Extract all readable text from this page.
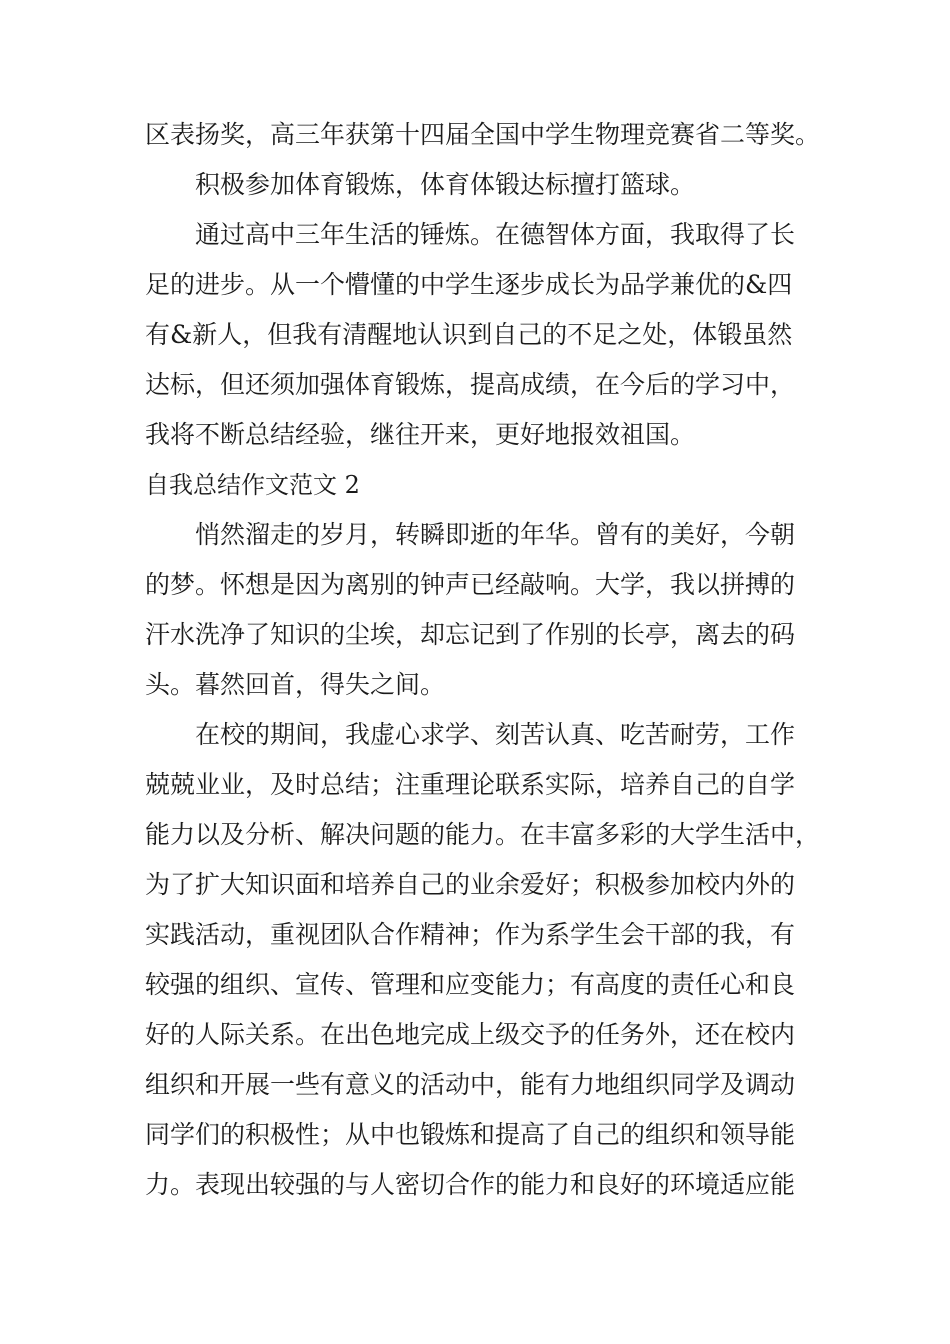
区表扬奖，高三年获第十四届全国中学生物理竞赛省二等奖。
积极参加体育锻炼，体育体锻达标擅打篮球。
通过高中三年生活的锤炼。在德智体方面，我取得了长
足的进步。从一个懵懂的中学生逐步成长为品学兼优的&四
有&新人，但我有清醒地认识到自己的不足之处，体锻虽然
达标，但还须加强体育锻炼，提高成绩，在今后的学习中，
我将不断总结经验，继往开来，更好地报效祖国。
自我总结作文范文 2
悄然溜走的岁月，转瞬即逝的年华。曾有的美好，今朝
的梦。怀想是因为离别的钟声已经敲响。大学，我以拼搏的
汗水洗净了知识的尘埃，却忘记到了作别的长亭，离去的码
头。暮然回首，得失之间。
在校的期间，我虚心求学、刻苦认真、吃苦耐劳，工作
兢兢业业，及时总结；注重理论联系实际，培养自己的自学
能力以及分析、解决问题的能力。在丰富多彩的大学生活中，
为了扩大知识面和培养自己的业余爱好；积极参加校内外的
实践活动，重视团队合作精神；作为系学生会干部的我，有
较强的组织、宣传、管理和应变能力；有高度的责任心和良
好的人际关系。在出色地完成上级交予的任务外，还在校内
组织和开展一些有意义的活动中，能有力地组织同学及调动
同学们的积极性；从中也锻炼和提高了自己的组织和领导能
力。表现出较强的与人密切合作的能力和良好的环境适应能
